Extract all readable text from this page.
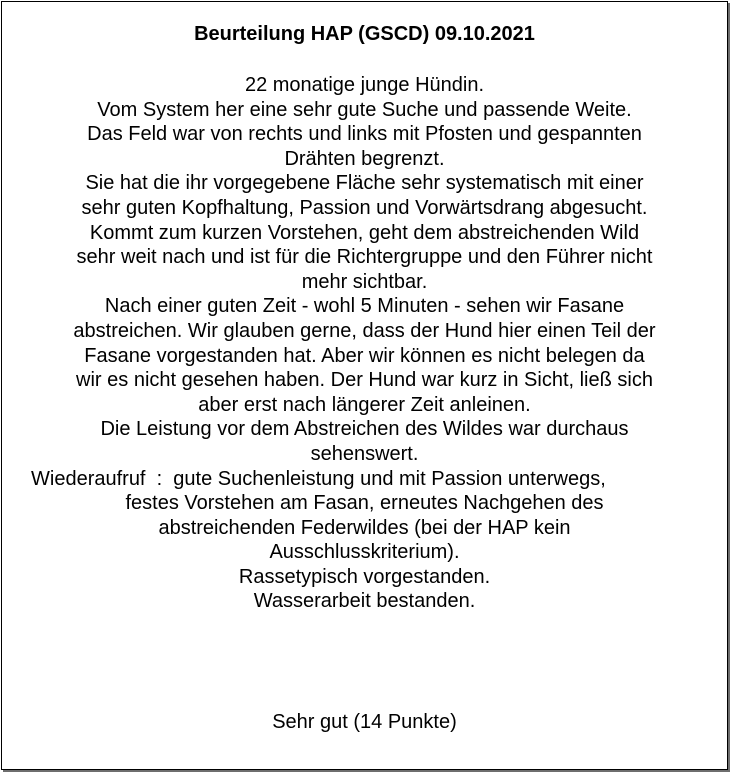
Beurteilung HAP (GSCD) 09.10.2021
22 monatige junge Hündin.
Vom System her eine sehr gute Suche und passende Weite.
Das Feld war von rechts und links mit Pfosten und gespannten
Drähten begrenzt.
Sie hat die ihr vorgegebene Fläche sehr systematisch mit einer
sehr guten Kopfhaltung, Passion und Vorwärtsdrang abgesucht.
Kommt zum kurzen Vorstehen, geht dem abstreichenden Wild
sehr weit nach und ist für die Richtergruppe und den Führer nicht
mehr sichtbar.
Nach einer guten Zeit - wohl 5 Minuten - sehen wir Fasane
abstreichen. Wir glauben gerne, dass der Hund hier einen Teil der
Fasane vorgestanden hat. Aber wir können es nicht belegen da
wir es nicht gesehen haben. Der Hund war kurz in Sicht, ließ sich
aber erst nach längerer Zeit anleinen.
Die Leistung vor dem Abstreichen des Wildes war durchaus
sehenswert.
Wiederaufruf  :  gute Suchenleistung und mit Passion unterwegs,
festes Vorstehen am Fasan, erneutes Nachgehen des
abstreichenden Federwildes (bei der HAP kein
Ausschlusskriterium).
Rassetypisch vorgestanden.
Wasserarbeit bestanden.
Sehr gut (14 Punkte)
